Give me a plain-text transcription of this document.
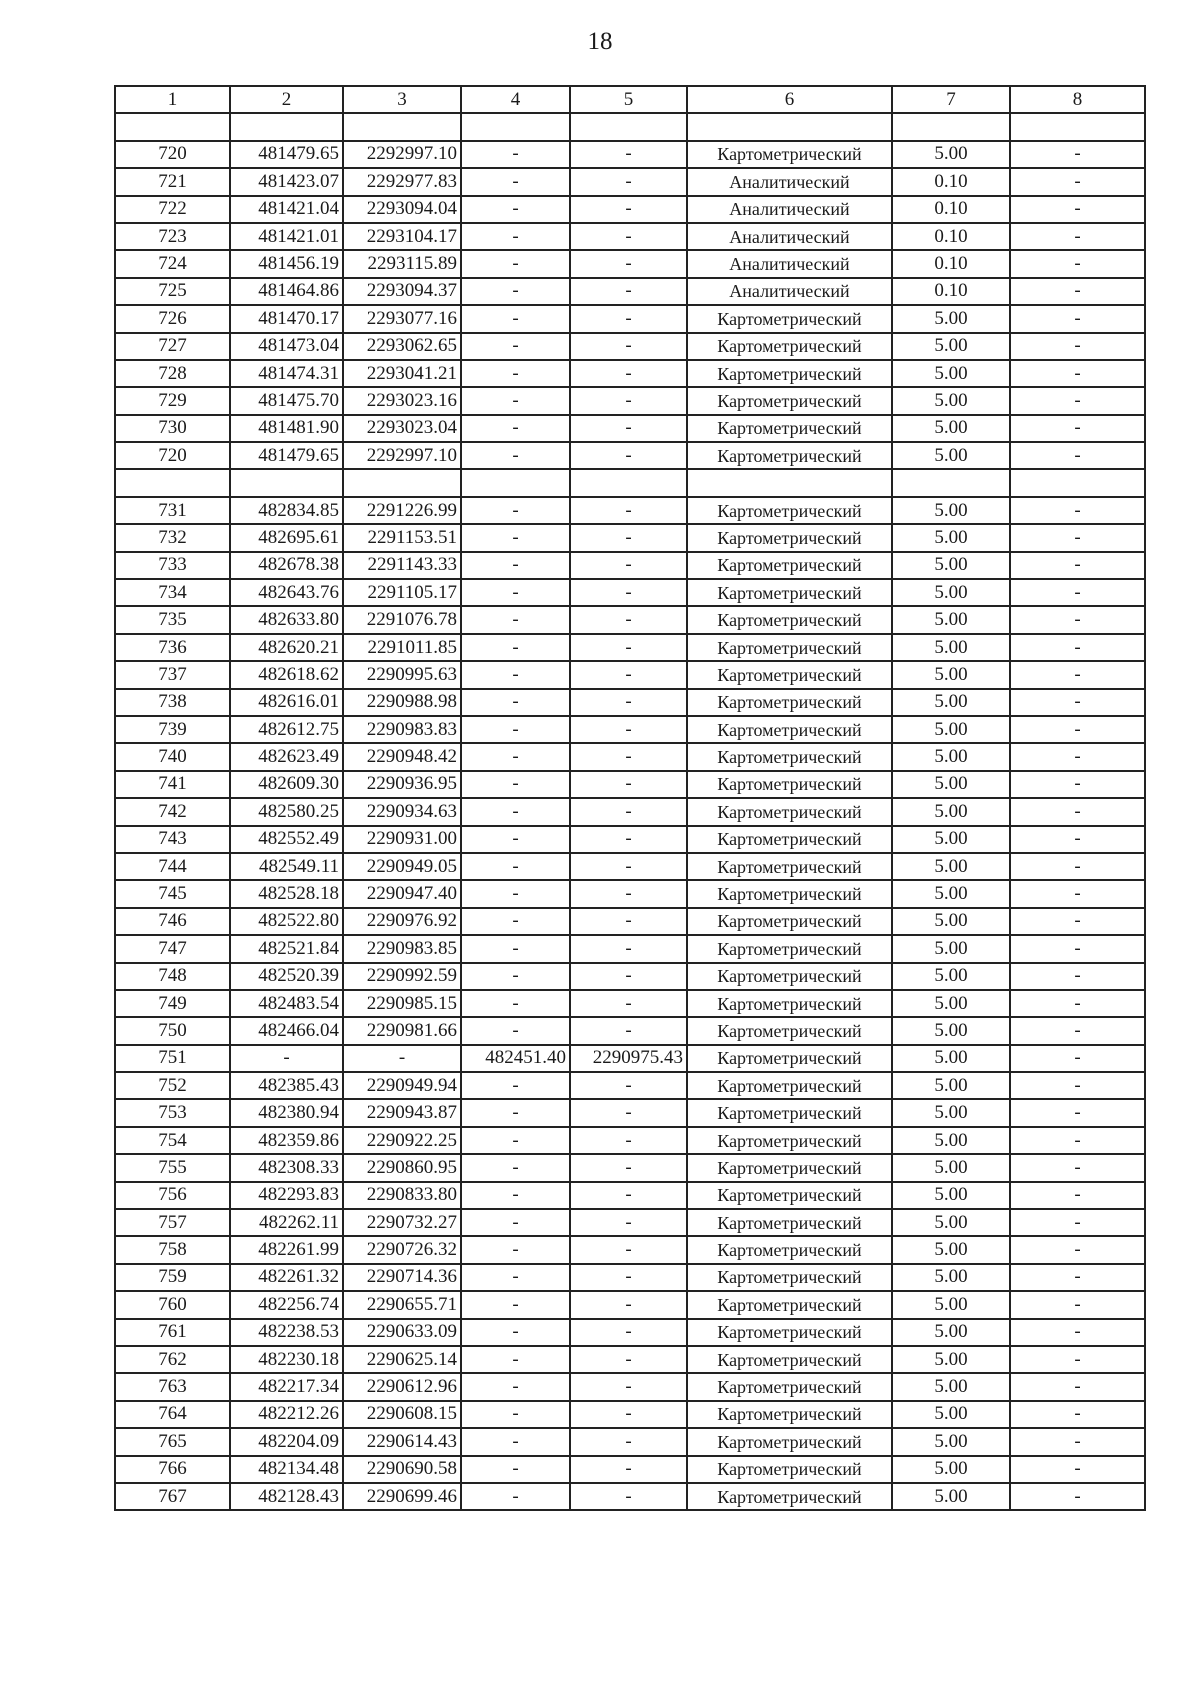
18
1	2	3	4	5	6	7	8

720	481479.65	2292997.10	-	-	Картометрический	5.00	-
721	481423.07	2292977.83	-	-	Аналитический	0.10	-
722	481421.04	2293094.04	-	-	Аналитический	0.10	-
723	481421.01	2293104.17	-	-	Аналитический	0.10	-
724	481456.19	2293115.89	-	-	Аналитический	0.10	-
725	481464.86	2293094.37	-	-	Аналитический	0.10	-
726	481470.17	2293077.16	-	-	Картометрический	5.00	-
727	481473.04	2293062.65	-	-	Картометрический	5.00	-
728	481474.31	2293041.21	-	-	Картометрический	5.00	-
729	481475.70	2293023.16	-	-	Картометрический	5.00	-
730	481481.90	2293023.04	-	-	Картометрический	5.00	-
720	481479.65	2292997.10	-	-	Картометрический	5.00	-

731	482834.85	2291226.99	-	-	Картометрический	5.00	-
732	482695.61	2291153.51	-	-	Картометрический	5.00	-
733	482678.38	2291143.33	-	-	Картометрический	5.00	-
734	482643.76	2291105.17	-	-	Картометрический	5.00	-
735	482633.80	2291076.78	-	-	Картометрический	5.00	-
736	482620.21	2291011.85	-	-	Картометрический	5.00	-
737	482618.62	2290995.63	-	-	Картометрический	5.00	-
738	482616.01	2290988.98	-	-	Картометрический	5.00	-
739	482612.75	2290983.83	-	-	Картометрический	5.00	-
740	482623.49	2290948.42	-	-	Картометрический	5.00	-
741	482609.30	2290936.95	-	-	Картометрический	5.00	-
742	482580.25	2290934.63	-	-	Картометрический	5.00	-
743	482552.49	2290931.00	-	-	Картометрический	5.00	-
744	482549.11	2290949.05	-	-	Картометрический	5.00	-
745	482528.18	2290947.40	-	-	Картометрический	5.00	-
746	482522.80	2290976.92	-	-	Картометрический	5.00	-
747	482521.84	2290983.85	-	-	Картометрический	5.00	-
748	482520.39	2290992.59	-	-	Картометрический	5.00	-
749	482483.54	2290985.15	-	-	Картометрический	5.00	-
750	482466.04	2290981.66	-	-	Картометрический	5.00	-
751	-	-	482451.40	2290975.43	Картометрический	5.00	-
752	482385.43	2290949.94	-	-	Картометрический	5.00	-
753	482380.94	2290943.87	-	-	Картометрический	5.00	-
754	482359.86	2290922.25	-	-	Картометрический	5.00	-
755	482308.33	2290860.95	-	-	Картометрический	5.00	-
756	482293.83	2290833.80	-	-	Картометрический	5.00	-
757	482262.11	2290732.27	-	-	Картометрический	5.00	-
758	482261.99	2290726.32	-	-	Картометрический	5.00	-
759	482261.32	2290714.36	-	-	Картометрический	5.00	-
760	482256.74	2290655.71	-	-	Картометрический	5.00	-
761	482238.53	2290633.09	-	-	Картометрический	5.00	-
762	482230.18	2290625.14	-	-	Картометрический	5.00	-
763	482217.34	2290612.96	-	-	Картометрический	5.00	-
764	482212.26	2290608.15	-	-	Картометрический	5.00	-
765	482204.09	2290614.43	-	-	Картометрический	5.00	-
766	482134.48	2290690.58	-	-	Картометрический	5.00	-
767	482128.43	2290699.46	-	-	Картометрический	5.00	-
